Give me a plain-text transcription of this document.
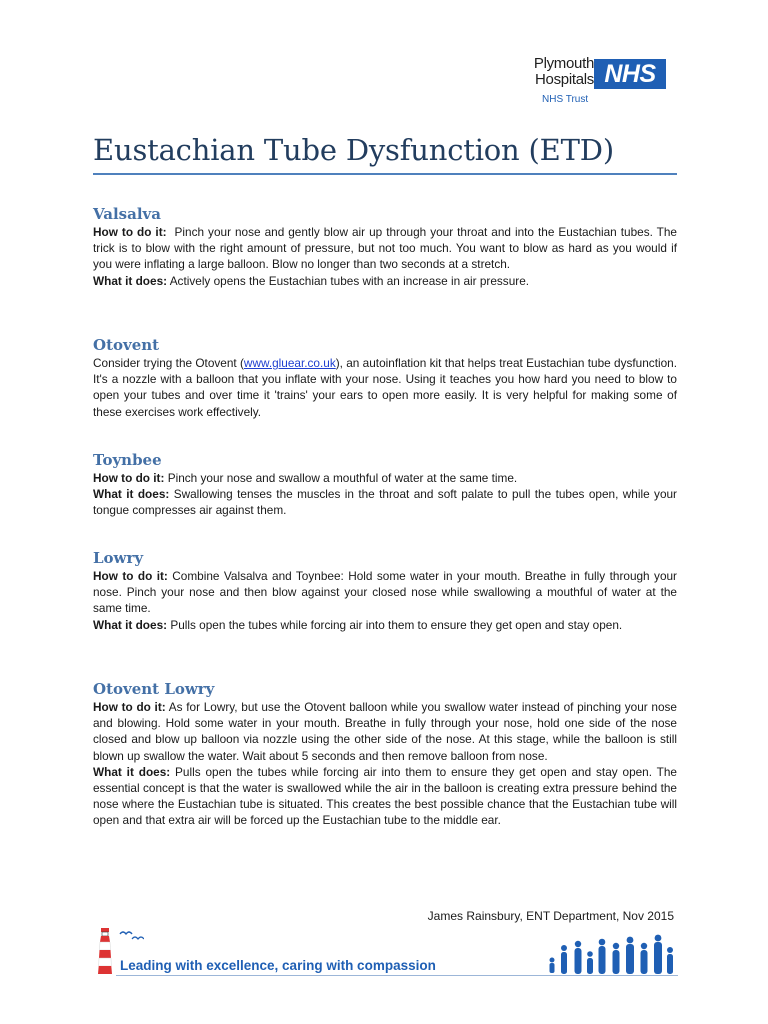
Plymouth
Hospitals NHS
NHS Trust
Eustachian Tube Dysfunction (ETD)
Valsalva

How to do it:  Pinch your nose and gently blow air up through your throat and into the Eustachian tubes. The trick is to blow with the right amount of pressure, but not too much. You want to blow as hard as you would if you were inflating a large balloon. Blow no longer than two seconds at a stretch.

What it does: Actively opens the Eustachian tubes with an increase in air pressure.

Otovent

Consider trying the Otovent (www.gluear.co.uk), an autoinflation kit that helps treat Eustachian tube dysfunction. It's a nozzle with a balloon that you inflate with your nose. Using it teaches you how hard you need to blow to open your tubes and over time it 'trains' your ears to open more easily. It is very helpful for making some of these exercises work effectively.

Toynbee

How to do it: Pinch your nose and swallow a mouthful of water at the same time.

What it does: Swallowing tenses the muscles in the throat and soft palate to pull the tubes open, while your tongue compresses air against them.

Lowry

How to do it: Combine Valsalva and Toynbee: Hold some water in your mouth. Breathe in fully through your nose. Pinch your nose and then blow against your closed nose while swallowing a mouthful of water at the same time.

What it does: Pulls open the tubes while forcing air into them to ensure they get open and stay open.

Otovent Lowry

How to do it: As for Lowry, but use the Otovent balloon while you swallow water instead of pinching your nose and blowing. Hold some water in your mouth. Breathe in fully through your nose, hold one side of the nose closed and blow up balloon via nozzle using the other side of the nose. At this stage, while the balloon is still blown up swallow the water. Wait about 5 seconds and then remove balloon from nose.

What it does: Pulls open the tubes while forcing air into them to ensure they get open and stay open. The essential concept is that the water is swallowed while the air in the balloon is creating extra pressure behind the nose where the Eustachian tube is situated. This creates the best possible chance that the Eustachian tube will open and that extra air will be forced up the Eustachian tube to the middle ear.

James Rainsbury, ENT Department, Nov 2015
Leading with excellence, caring with compassion
